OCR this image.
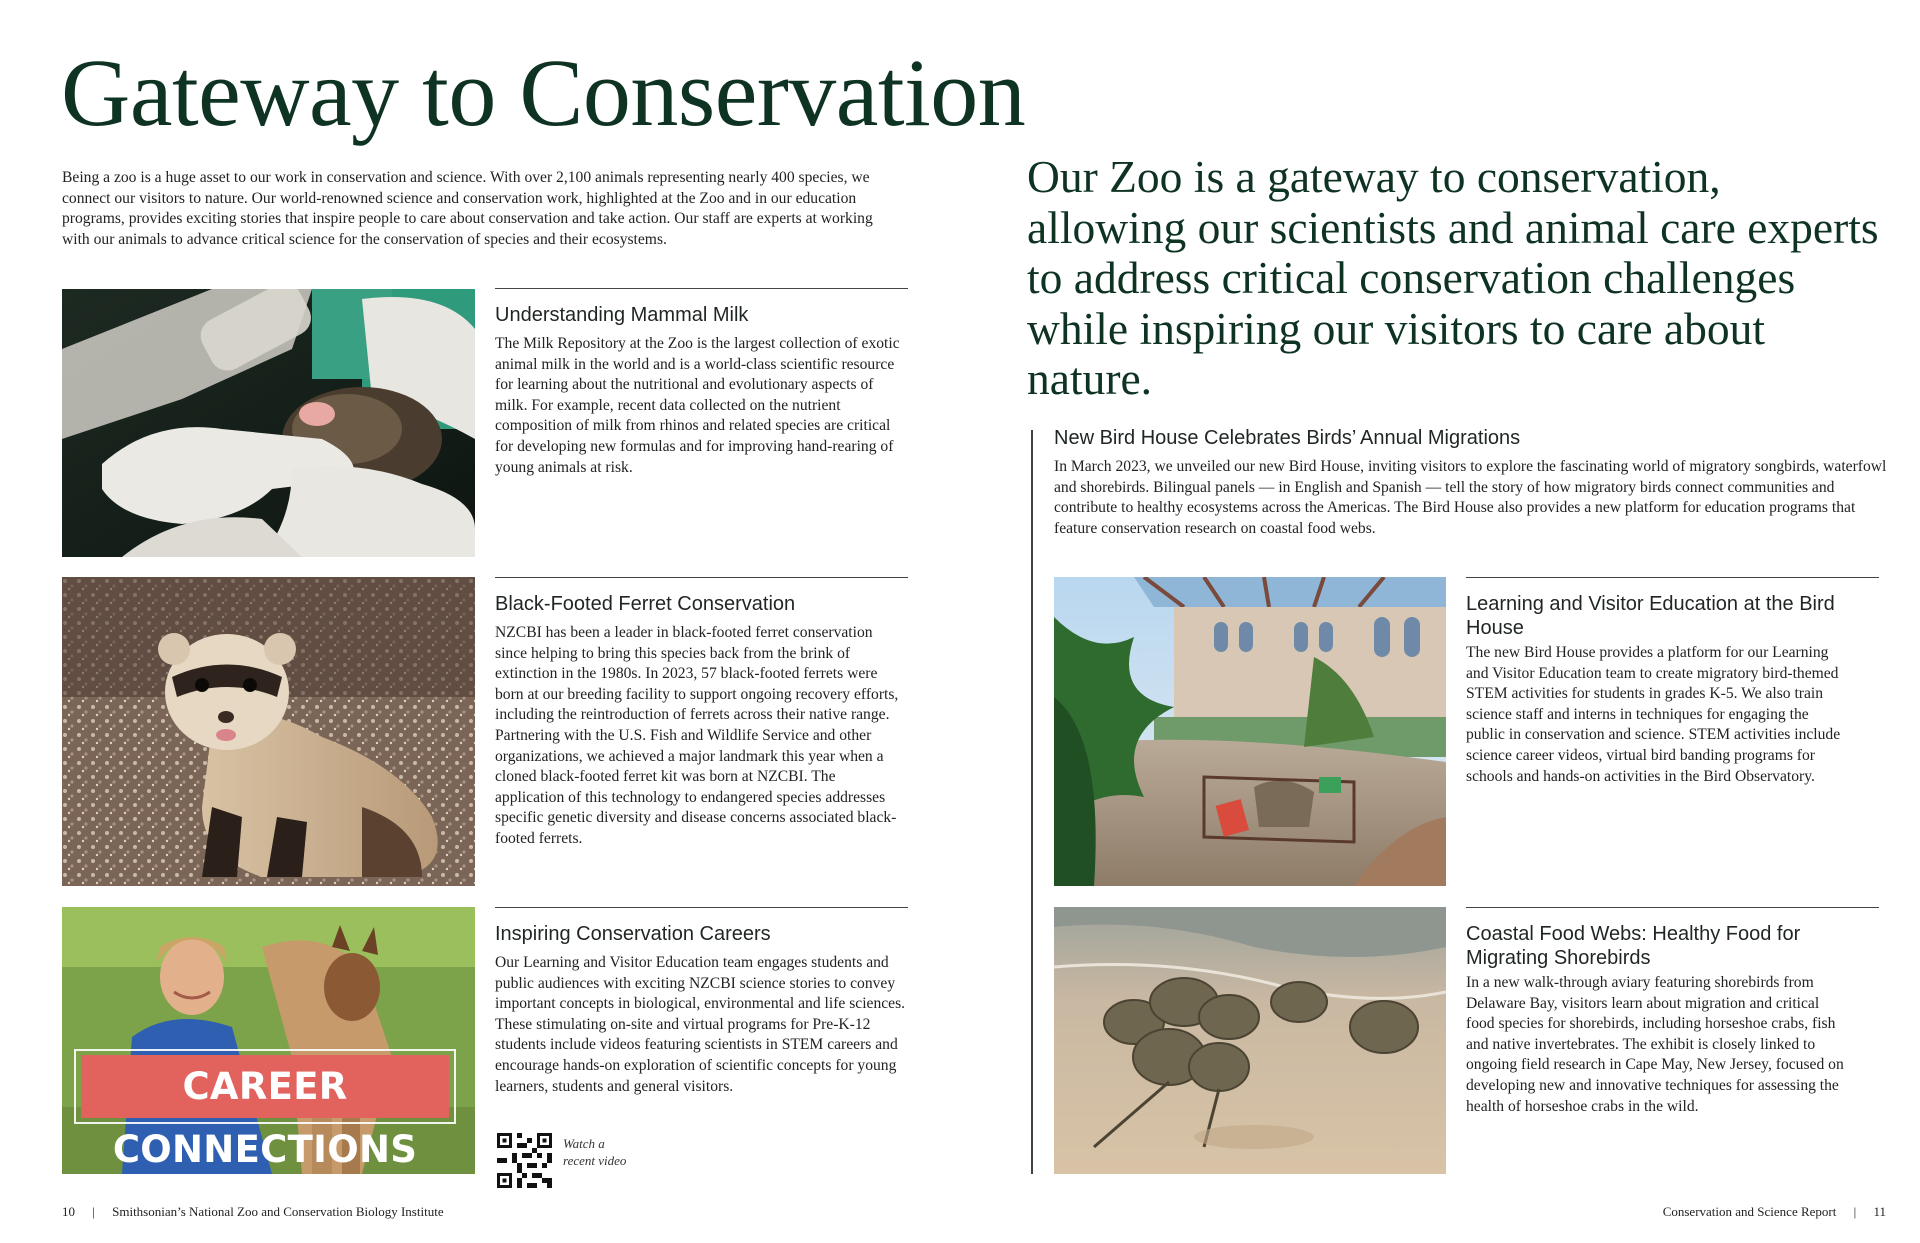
Gateway to Conservation
Being a zoo is a huge asset to our work in conservation and science. With over 2,100 animals representing nearly 400 species, we connect our visitors to nature. Our world-renowned science and conservation work, highlighted at the Zoo and in our education programs, provides exciting stories that inspire people to care about conservation and take action. Our staff are experts at working with our animals to advance critical science for the conservation of species and their ecosystems.
Understanding Mammal Milk
The Milk Repository at the Zoo is the largest collection of exotic animal milk in the world and is a world-class scientific resource for learning about the nutritional and evolutionary aspects of milk. For example, recent data collected on the nutrient composition of milk from rhinos and related species are critical for developing new formulas and for improving hand-rearing of young animals at risk.
Black-Footed Ferret Conservation
NZCBI has been a leader in black-footed ferret conservation since helping to bring this species back from the brink of extinction in the 1980s. In 2023, 57 black-footed ferrets were born at our breeding facility to support ongoing recovery efforts, including the reintroduction of ferrets across their native range. Partnering with the U.S. Fish and Wildlife Service and other organizations, we achieved a major landmark this year when a cloned black-footed ferret kit was born at NZCBI. The application of this technology to endangered species addresses specific genetic diversity and disease concerns associated black-footed ferrets.
CAREER CONNECTIONS
Inspiring Conservation Careers
Our Learning and Visitor Education team engages students and public audiences with exciting NZCBI science stories to convey important concepts in biological, environmental and life sciences. These stimulating on-site and virtual programs for Pre-K-12 students include videos featuring scientists in STEM careers and encourage hands-on exploration of scientific concepts for young learners, students and general visitors.
Watch a
recent video
10 | Smithsonian’s National Zoo and Conservation Biology Institute
Our Zoo is a gateway to conservation, allowing our scientists and animal care experts to address critical conservation challenges while inspiring our visitors to care about nature.
New Bird House Celebrates Birds’ Annual Migrations
In March 2023, we unveiled our new Bird House, inviting visitors to explore the fascinating world of migratory songbirds, waterfowl and shorebirds. Bilingual panels — in English and Spanish — tell the story of how migratory birds connect communities and contribute to healthy ecosystems across the Americas. The Bird House also provides a new platform for education programs that feature conservation research on coastal food webs.
Learning and Visitor Education at the Bird House
The new Bird House provides a platform for our Learning and Visitor Education team to create migratory bird-themed STEM activities for students in grades K-5. We also train science staff and interns in techniques for engaging the public in conservation and science. STEM activities include science career videos, virtual bird banding programs for schools and hands-on activities in the Bird Observatory.
Coastal Food Webs: Healthy Food for Migrating Shorebirds
In a new walk-through aviary featuring shorebirds from Delaware Bay, visitors learn about migration and critical food species for shorebirds, including horseshoe crabs, fish and native invertebrates. The exhibit is closely linked to ongoing field research in Cape May, New Jersey, focused on developing new and innovative techniques for assessing the health of horseshoe crabs in the wild.
Conservation and Science Report | 11
